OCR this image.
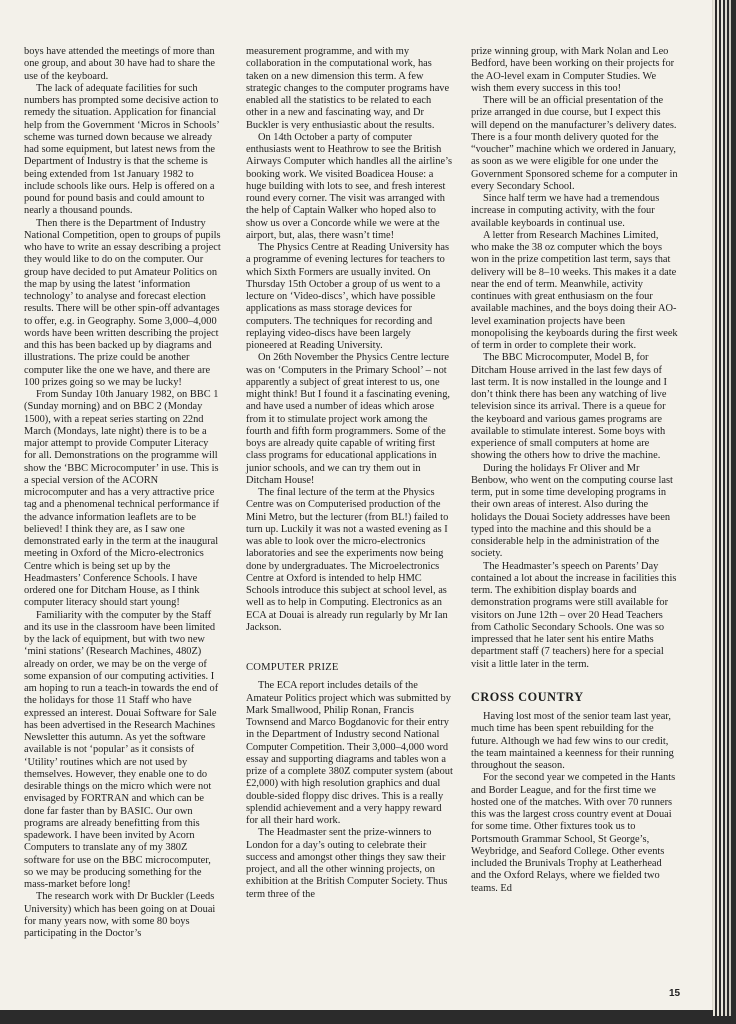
boys have attended the meetings of more than one group, and about 30 have had to share the use of the keyboard.

The lack of adequate facilities for such numbers has prompted some decisive action to remedy the situation. Application for financial help from the Government ‘Micros in Schools’ scheme was turned down because we already had some equipment, but latest news from the Department of Industry is that the scheme is being extended from 1st January 1982 to include schools like ours. Help is offered on a pound for pound basis and could amount to nearly a thousand pounds.

Then there is the Department of Industry National Competition, open to groups of pupils who have to write an essay describing a project they would like to do on the computer. Our group have decided to put Amateur Politics on the map by using the latest ‘information technology’ to analyse and forecast election results. There will be other spin-off advantages to offer, e.g. in Geography. Some 3,000–4,000 words have been written describing the project and this has been backed up by diagrams and illustrations. The prize could be another computer like the one we have, and there are 100 prizes going so we may be lucky!

From Sunday 10th January 1982, on BBC 1 (Sunday morning) and on BBC 2 (Monday 1500), with a repeat series starting on 22nd March (Mondays, late night) there is to be a major attempt to provide Computer Literacy for all. Demonstrations on the programme will show the ‘BBC Microcomputer’ in use. This is a special version of the ACORN microcomputer and has a very attractive price tag and a phenomenal technical performance if the advance information leaflets are to be believed! I think they are, as I saw one demonstrated early in the term at the inaugural meeting in Oxford of the Micro-electronics Centre which is being set up by the Headmasters’ Conference Schools. I have ordered one for Ditcham House, as I think computer literacy should start young!

Familiarity with the computer by the Staff and its use in the classroom have been limited by the lack of equipment, but with two new ‘mini stations’ (Research Machines, 480Z) already on order, we may be on the verge of some expansion of our computing activities. I am hoping to run a teach-in towards the end of the holidays for those 11 Staff who have expressed an interest. Douai Software for Sale has been advertised in the Research Machines Newsletter this autumn. As yet the software available is not ‘popular’ as it consists of ‘Utility’ routines which are not used by themselves. However, they enable one to do desirable things on the micro which were not envisaged by FORTRAN and which can be done far faster than by BASIC. Our own programs are already benefitting from this spadework. I have been invited by Acorn Computers to translate any of my 380Z software for use on the BBC microcomputer, so we may be producing something for the mass-market before long!

The research work with Dr Buckler (Leeds University) which has been going on at Douai for many years now, with some 80 boys participating in the Doctor’s

measurement programme, and with my collaboration in the computational work, has taken on a new dimension this term. A few strategic changes to the computer programs have enabled all the statistics to be related to each other in a new and fascinating way, and Dr Buckler is very enthusiastic about the results.

On 14th October a party of computer enthusiasts went to Heathrow to see the British Airways Computer which handles all the airline’s booking work. We visited Boadicea House: a huge building with lots to see, and fresh interest round every corner. The visit was arranged with the help of Captain Walker who hoped also to show us over a Concorde while we were at the airport, but, alas, there wasn’t time!

The Physics Centre at Reading University has a programme of evening lectures for teachers to which Sixth Formers are usually invited. On Thursday 15th October a group of us went to a lecture on ‘Video-discs’, which have possible applications as mass storage devices for computers. The techniques for recording and replaying video-discs have been largely pioneered at Reading University.

On 26th November the Physics Centre lecture was on ‘Computers in the Primary School’ – not apparently a subject of great interest to us, one might think! But I found it a fascinating evening, and have used a number of ideas which arose from it to stimulate project work among the fourth and fifth form programmers. Some of the boys are already quite capable of writing first class programs for educational applications in junior schools, and we can try them out in Ditcham House!

The final lecture of the term at the Physics Centre was on Computerised production of the Mini Metro, but the lecturer (from BL!) failed to turn up. Luckily it was not a wasted evening as I was able to look over the micro-electronics laboratories and see the experiments now being done by undergraduates. The Microelectronics Centre at Oxford is intended to help HMC Schools introduce this subject at school level, as well as to help in Computing. Electronics as an ECA at Douai is already run regularly by Mr Ian Jackson.

COMPUTER PRIZE

The ECA report includes details of the Amateur Politics project which was submitted by Mark Smallwood, Philip Ronan, Francis Townsend and Marco Bogdanovic for their entry in the Department of Industry second National Computer Competition. Their 3,000–4,000 word essay and supporting diagrams and tables won a prize of a complete 380Z computer system (about £2,000) with high resolution graphics and dual double-sided floppy disc drives. This is a really splendid achievement and a very happy reward for all their hard work.

The Headmaster sent the prize-winners to London for a day’s outing to celebrate their success and amongst other things they saw their project, and all the other winning projects, on exhibition at the British Computer Society. Thus term three of the

prize winning group, with Mark Nolan and Leo Bedford, have been working on their projects for the AO-level exam in Computer Studies. We wish them every success in this too!

There will be an official presentation of the prize arranged in due course, but I expect this will depend on the manufacturer’s delivery dates. There is a four month delivery quoted for the “voucher” machine which we ordered in January, as soon as we were eligible for one under the Government Sponsored scheme for a computer in every Secondary School.

Since half term we have had a tremendous increase in computing activity, with the four available keyboards in continual use.

A letter from Research Machines Limited, who make the 38 oz computer which the boys won in the prize competition last term, says that delivery will be 8–10 weeks. This makes it a date near the end of term. Meanwhile, activity continues with great enthusiasm on the four available machines, and the boys doing their AO-level examination projects have been monopolising the keyboards during the first week of term in order to complete their work.

The BBC Microcomputer, Model B, for Ditcham House arrived in the last few days of last term. It is now installed in the lounge and I don’t think there has been any watching of live television since its arrival. There is a queue for the keyboard and various games programs are available to stimulate interest. Some boys with experience of small computers at home are showing the others how to drive the machine.

During the holidays Fr Oliver and Mr Benbow, who went on the computing course last term, put in some time developing programs in their own areas of interest. Also during the holidays the Douai Society addresses have been typed into the machine and this should be a considerable help in the administration of the society.

The Headmaster’s speech on Parents’ Day contained a lot about the increase in facilities this term. The exhibition display boards and demonstration programs were still available for visitors on June 12th – over 20 Head Teachers from Catholic Secondary Schools. One was so impressed that he later sent his entire Maths department staff (7 teachers) here for a special visit a little later in the term.

CROSS COUNTRY

Having lost most of the senior team last year, much time has been spent rebuilding for the future. Although we had few wins to our credit, the team maintained a keenness for their running throughout the season.

For the second year we competed in the Hants and Border League, and for the first time we hosted one of the matches. With over 70 runners this was the largest cross country event at Douai for some time. Other fixtures took us to Portsmouth Grammar School, St George’s, Weybridge, and Seaford College. Other events included the Brunivals Trophy at Leatherhead and the Oxford Relays, where we fielded two teams. Ed

15
